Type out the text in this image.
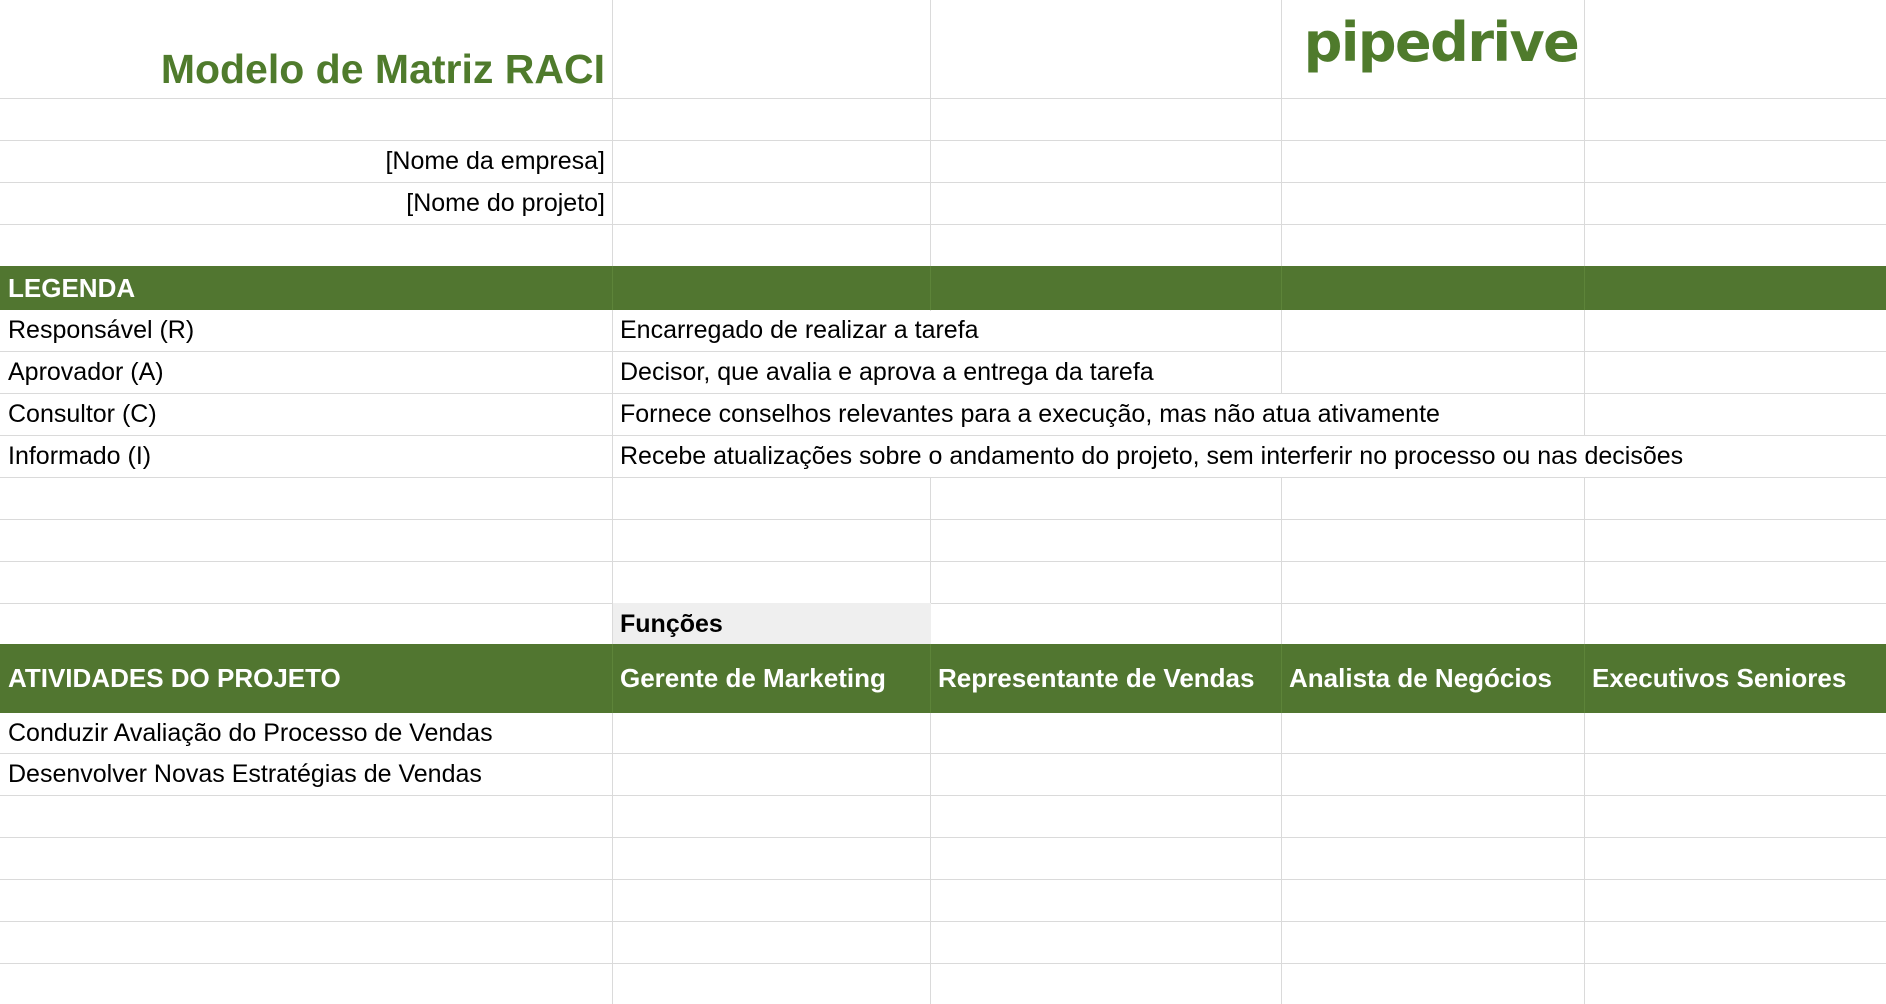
Modelo de Matriz RACI	pipedrive
[Nome da empresa]
[Nome do projeto]
LEGENDA
Responsável (R)	Encarregado de realizar a tarefa
Aprovador (A)	Decisor, que avalia e aprova a entrega da tarefa
Consultor (C)	Fornece conselhos relevantes para a execução, mas não atua ativamente
Informado (I)	Recebe atualizações sobre o andamento do projeto, sem interferir no processo ou nas decisões
Funções
ATIVIDADES DO PROJETO	Gerente de Marketing	Representante de Vendas	Analista de Negócios	Executivos Seniores
Conduzir Avaliação do Processo de Vendas
Desenvolver Novas Estratégias de Vendas
